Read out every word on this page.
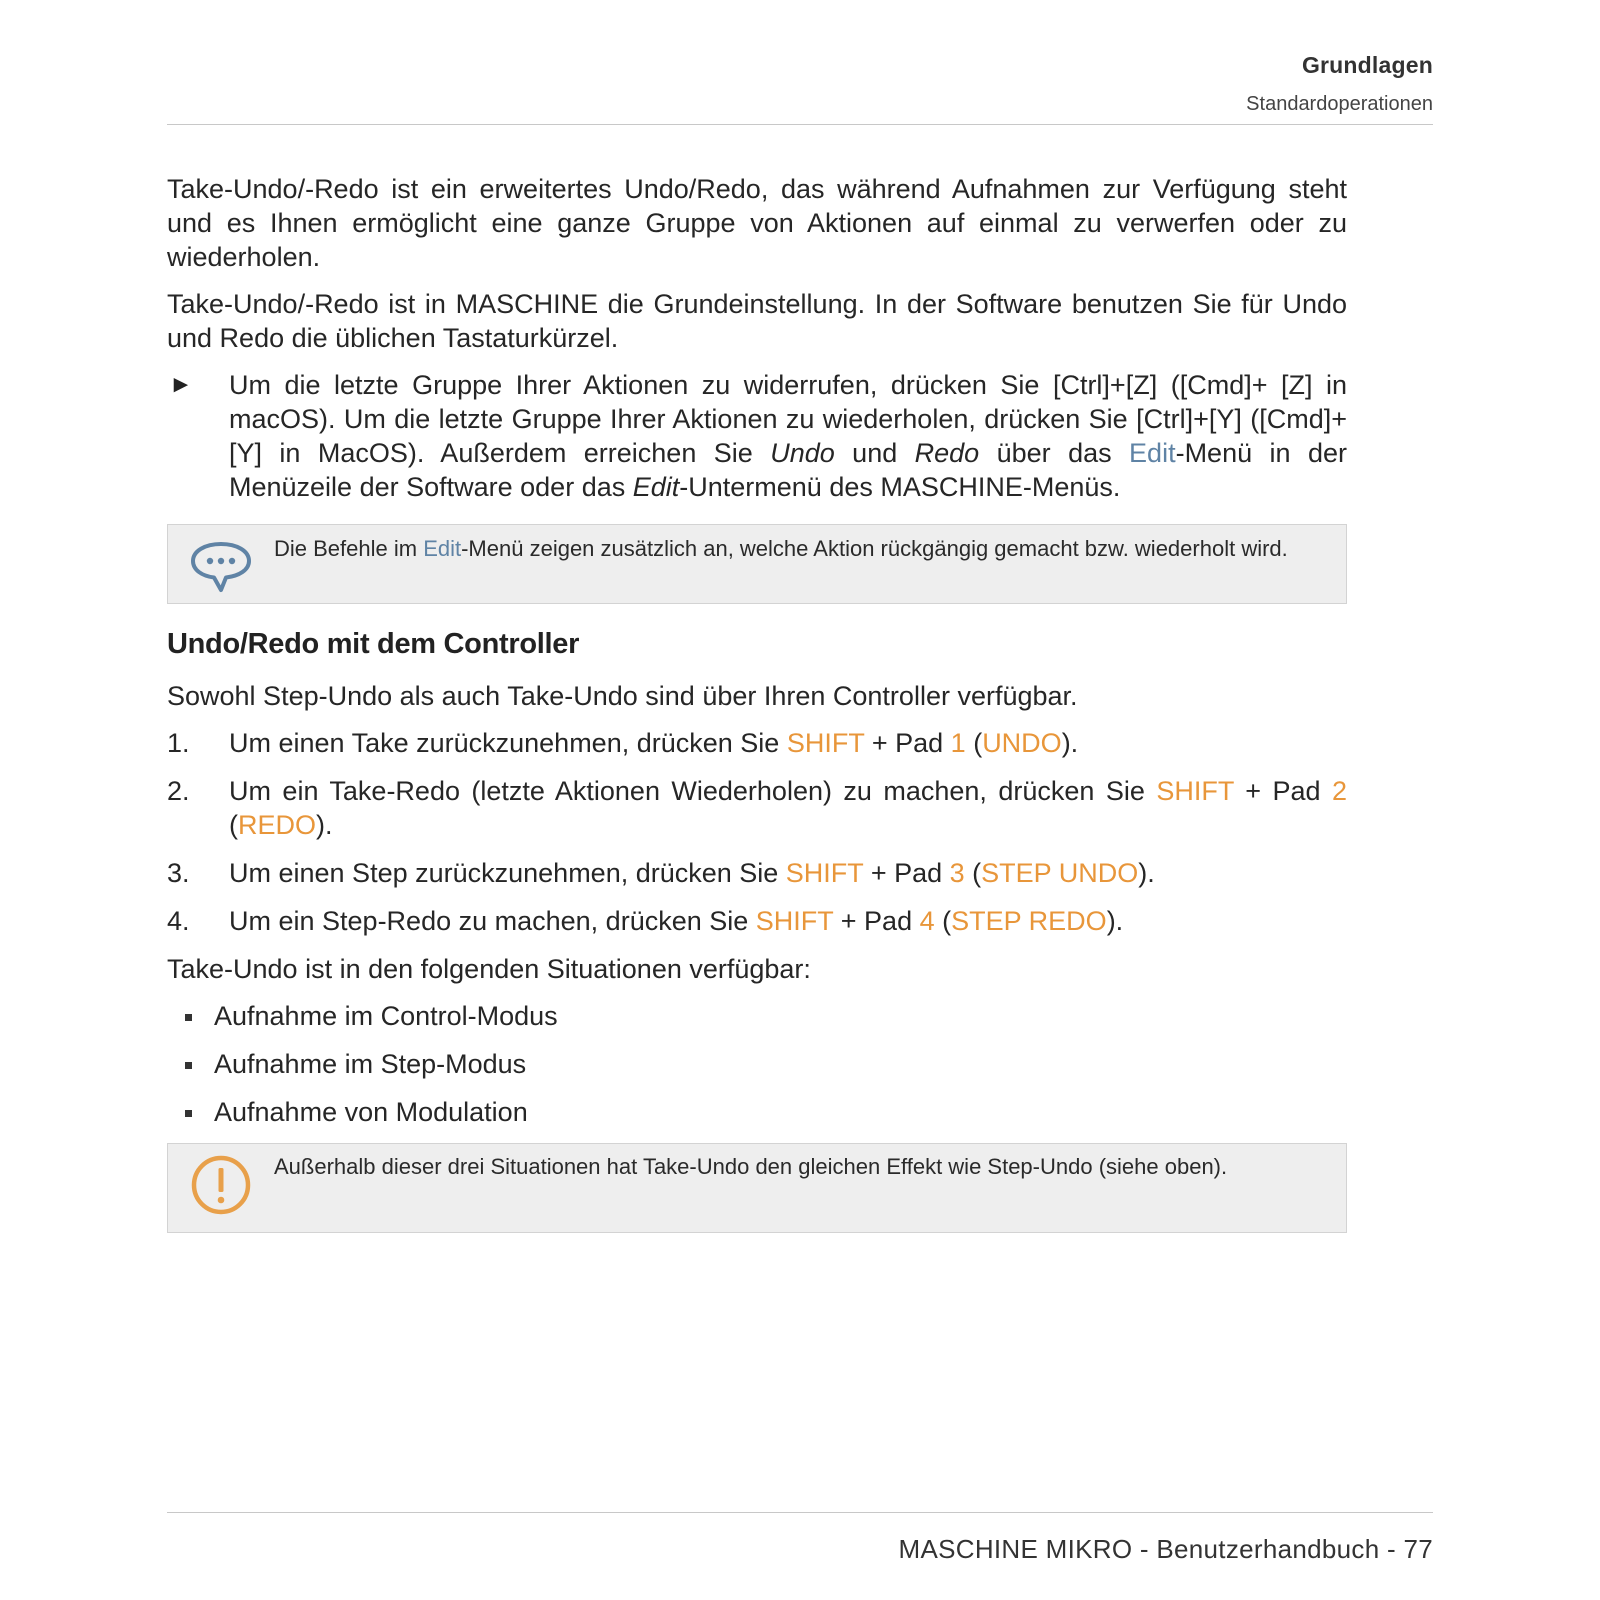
Grundlagen
Standardoperationen

Take-Undo/-Redo ist ein erweitertes Undo/Redo, das während Aufnahmen zur Verfügung steht und es Ihnen ermöglicht eine ganze Gruppe von Aktionen auf einmal zu verwerfen oder zu wiederholen.

Take-Undo/-Redo ist in MASCHINE die Grundeinstellung. In der Software benutzen Sie für Undo und Redo die üblichen Tastaturkürzel.

► Um die letzte Gruppe Ihrer Aktionen zu widerrufen, drücken Sie [Ctrl]+[Z] ([Cmd]+ [Z] in macOS). Um die letzte Gruppe Ihrer Aktionen zu wiederholen, drücken Sie [Ctrl]+[Y] ([Cmd]+ [Y] in MacOS). Außerdem erreichen Sie Undo und Redo über das Edit-Menü in der Menüzeile der Software oder das Edit-Untermenü des MASCHINE-Menüs.
Die Befehle im Edit-Menü zeigen zusätzlich an, welche Aktion rückgängig gemacht bzw. wiederholt wird.
Undo/Redo mit dem Controller

Sowohl Step-Undo als auch Take-Undo sind über Ihren Controller verfügbar.

1. Um einen Take zurückzunehmen, drücken Sie SHIFT + Pad 1 (UNDO).
2. Um ein Take-Redo (letzte Aktionen Wiederholen) zu machen, drücken Sie SHIFT + Pad 2 (REDO).
3. Um einen Step zurückzunehmen, drücken Sie SHIFT + Pad 3 (STEP UNDO).
4. Um ein Step-Redo zu machen, drücken Sie SHIFT + Pad 4 (STEP REDO).

Take-Undo ist in den folgenden Situationen verfügbar:

Aufnahme im Control-Modus
Aufnahme im Step-Modus
Aufnahme von Modulation
Außerhalb dieser drei Situationen hat Take-Undo den gleichen Effekt wie Step-Undo (siehe oben).
MASCHINE MIKRO - Benutzerhandbuch - 77
